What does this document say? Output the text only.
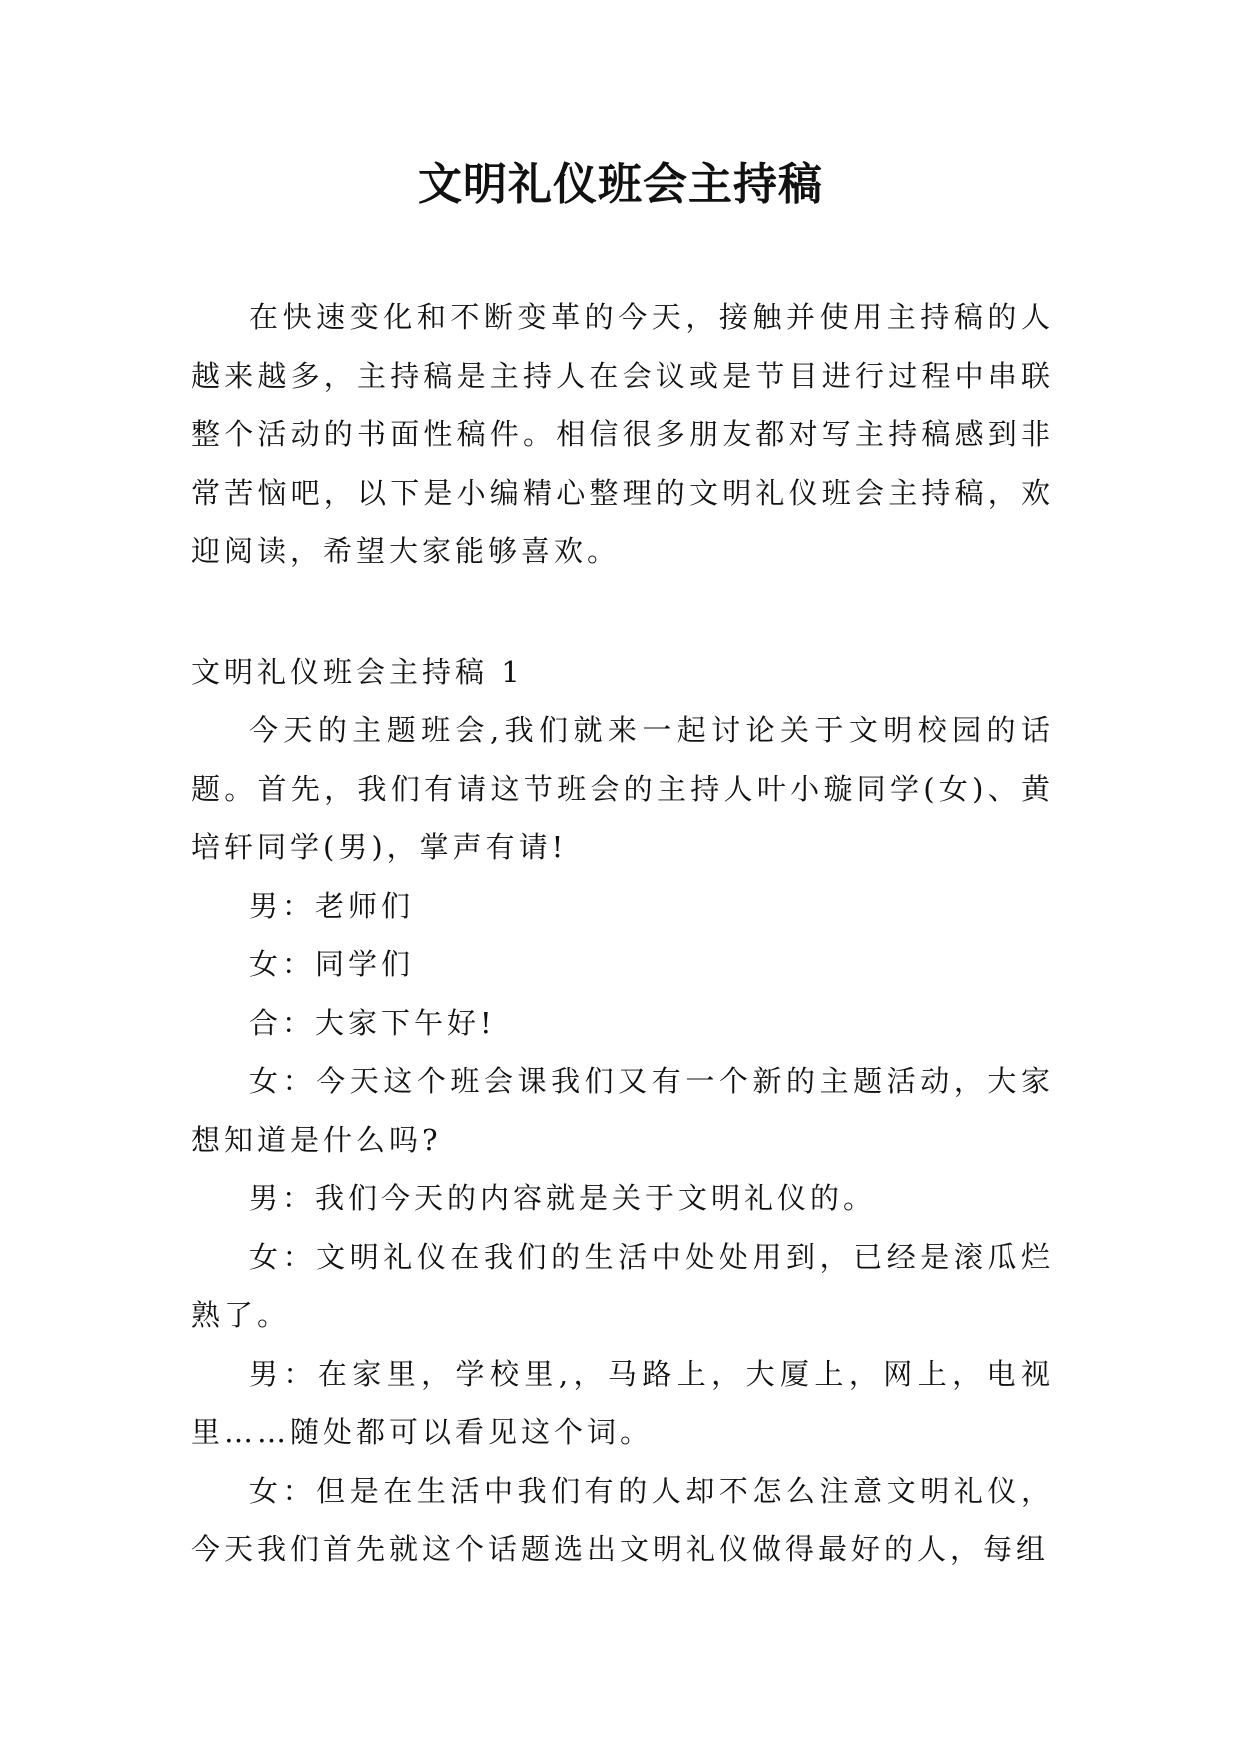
文明礼仪班会主持稿

在快速变化和不断变革的今天，接触并使用主持稿的人越来越多，主持稿是主持人在会议或是节目进行过程中串联整个活动的书面性稿件。相信很多朋友都对写主持稿感到非常苦恼吧，以下是小编精心整理的文明礼仪班会主持稿，欢迎阅读，希望大家能够喜欢。

文明礼仪班会主持稿 1

今天的主题班会,我们就来一起讨论关于文明校园的话题。首先，我们有请这节班会的主持人叶小璇同学(女)、黄培轩同学(男)，掌声有请!

男：老师们

女：同学们

合：大家下午好!

女：今天这个班会课我们又有一个新的主题活动，大家想知道是什么吗?

男：我们今天的内容就是关于文明礼仪的。

女：文明礼仪在我们的生活中处处用到，已经是滚瓜烂熟了。

男：在家里，学校里,，马路上，大厦上，网上，电视里……随处都可以看见这个词。

女：但是在生活中我们有的人却不怎么注意文明礼仪，今天我们首先就这个话题选出文明礼仪做得最好的人，每组
